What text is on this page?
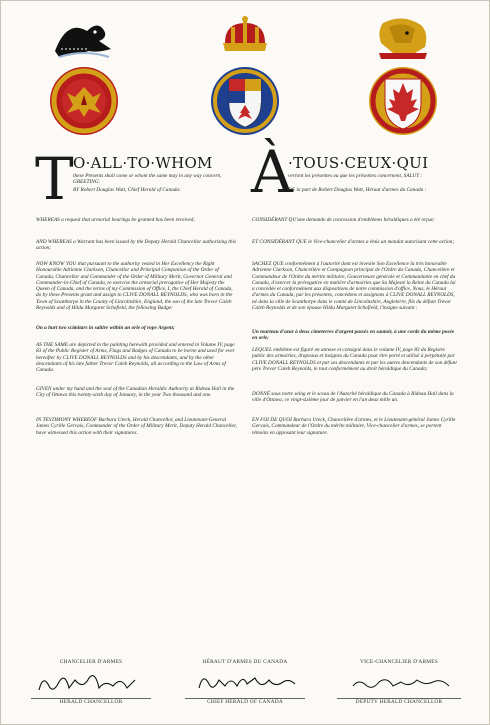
T O·ALL·TO·WHOM
these Presents shall come or whom the same may in any way concern, GREETING:
BY Robert Douglas Watt, Chief Herald of Canada:	À
·TOUS·CEUX·QUI
verront les présentes ou que les présentes concernent, SALUT :
DE la part de Robert Douglas Watt, Héraut d'armes du Canada :

WHEREAS a request that armorial bearings be granted has been received;

AND WHEREAS a Warrant has been issued by the Deputy Herald Chancellor authorizing this action;

NOW KNOW YOU that pursuant to the authority vested in Her Excellency the Right Honourable Adrienne Clarkson, Chancellor and Principal Companion of the Order of Canada, Chancellor and Commander of the Order of Military Merit, Governor General and Commander-in-Chief of Canada, to exercise the armorial prerogative of Her Majesty the Queen of Canada, and the terms of my Commission of Office, I, the Chief Herald of Canada, do by these Presents grant and assign to CLIVE DONALL REYNOLDS, who was born in the Town of Scunthorpe in the County of Lincolnshire, England, the son of the late Trevor Caleb Reynolds and of Hilda Margaret Schofield, the following Badge:

On a hurt two scimitars in saltire within an orle of rope Argent;

AS THE SAME are depicted in the painting herewith provided and entered in Volume IV, page 83 of the Public Register of Arms, Flags and Badges of Canada to be borne and used for ever hereafter by CLIVE DONALL REYNOLDS and by his descendants, and by the other descendants of his late father Trevor Caleb Reynolds, all according to the Law of Arms of Canada.

GIVEN under my hand and the seal of the Canadian Heraldic Authority at Rideau Hall in the City of Ottawa this twenty-sixth day of January, in the year Two thousand and one.

IN TESTIMONY WHEREOF Barbara Uteck, Herald Chancellor, and Lieutenant-General James Cyrille Gervais, Commander of the Order of Military Merit, Deputy Herald Chancellor, have witnessed this action with their signatures.

CONSIDÉRANT QU'une demande de concession d'emblèmes héraldiques a été reçue;

ET CONSIDÉRANT QUE le Vice-chancelier d'armes a émis un mandat autorisant cette action;

SACHEZ QUE conformément à l'autorité dont est investie Son Excellence la très honorable Adrienne Clarkson, Chancelière et Compagnon principal de l'Ordre du Canada, Chancelière et Commandeur de l'Ordre du mérite militaire, Gouverneure générale et Commandante en chef du Canada, d'exercer la prérogative en matière d'armoiries que Sa Majesté la Reine du Canada lui a concédée et conformément aux dispositions de notre commission d'office, Nous, le Héraut d'armes du Canada, par les présentes, concédons et assignons à CLIVE DONALL REYNOLDS, né dans la ville de Scunthorpe dans le comté de Lincolnshire, Angleterre, fils du défunt Trevor Caleb Reynolds et de son épouse Hilda Margaret Schofield, l'insigne suivant :

Un tourteau d'azur à deux cimeterres d'argent passés en sautoir, à une corde du même posée en orle;

LEQUEL emblème est figuré en annexe et consigné dans le volume IV, page 83 du Registre public des armoiries, drapeaux et insignes du Canada pour être porté et utilisé à perpétuité par CLIVE DONALL REYNOLDS et par ses descendants et par les autres descendants de son défunt père Trevor Caleb Reynolds, le tout conformément au droit héraldique du Canada;

DONNÉ sous notre seing et le sceau de l'Autorité héraldique du Canada à Rideau Hall dans la ville d'Ottawa, ce vingt-sixième jour de janvier en l'an deux mille un.

EN FOI DE QUOI Barbara Uteck, Chancelière d'armes, et le Lieutenant-général James Cyrille Gervais, Commandeur de l'Ordre du mérite militaire, Vice-chancelier d'armes, se portent témoins en apposant leur signature.

CHANCELIER D'ARMES
HERALD CHANCELLOR
HÉRAUT D'ARMES DU CANADA
CHIEF HERALD OF CANADA
VICE-CHANCELIER D'ARMES
DEPUTY HERALD CHANCELLOR
